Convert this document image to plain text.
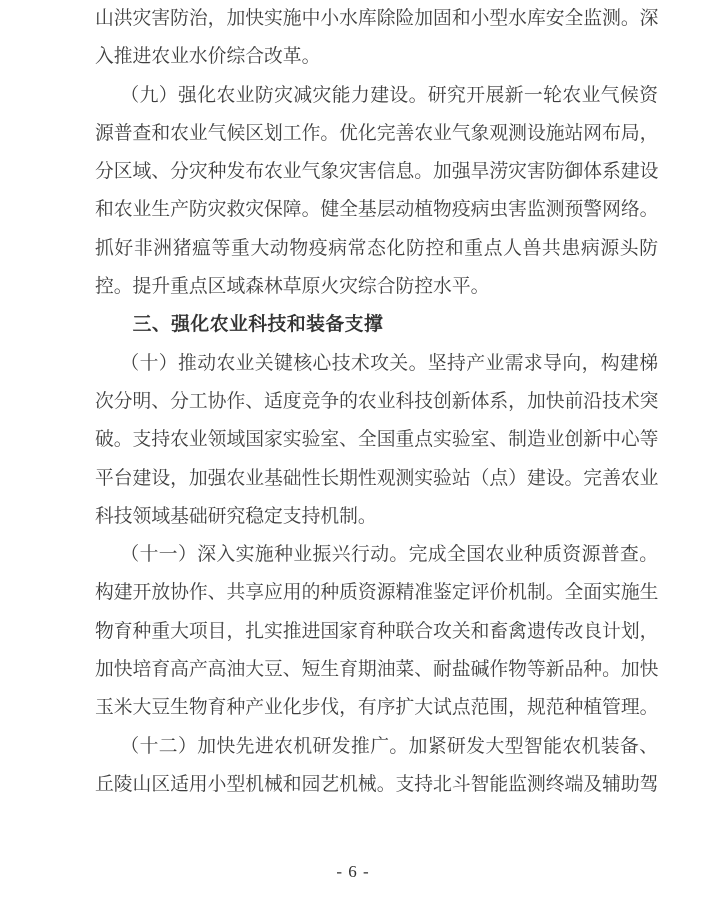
山洪灾害防治，加快实施中小水库除险加固和小型水库安全监测。深
入推进农业水价综合改革。
（九）强化农业防灾减灾能力建设。研究开展新一轮农业气候资
源普查和农业气候区划工作。优化完善农业气象观测设施站网布局，
分区域、分灾种发布农业气象灾害信息。加强旱涝灾害防御体系建设
和农业生产防灾救灾保障。健全基层动植物疫病虫害监测预警网络。
抓好非洲猪瘟等重大动物疫病常态化防控和重点人兽共患病源头防
控。提升重点区域森林草原火灾综合防控水平。
三、强化农业科技和装备支撑
（十）推动农业关键核心技术攻关。坚持产业需求导向，构建梯
次分明、分工协作、适度竞争的农业科技创新体系，加快前沿技术突
破。支持农业领域国家实验室、全国重点实验室、制造业创新中心等
平台建设，加强农业基础性长期性观测实验站（点）建设。完善农业
科技领域基础研究稳定支持机制。
（十一）深入实施种业振兴行动。完成全国农业种质资源普查。
构建开放协作、共享应用的种质资源精准鉴定评价机制。全面实施生
物育种重大项目，扎实推进国家育种联合攻关和畜禽遗传改良计划，
加快培育高产高油大豆、短生育期油菜、耐盐碱作物等新品种。加快
玉米大豆生物育种产业化步伐，有序扩大试点范围，规范种植管理。
（十二）加快先进农机研发推广。加紧研发大型智能农机装备、
丘陵山区适用小型机械和园艺机械。支持北斗智能监测终端及辅助驾
- 6 -
